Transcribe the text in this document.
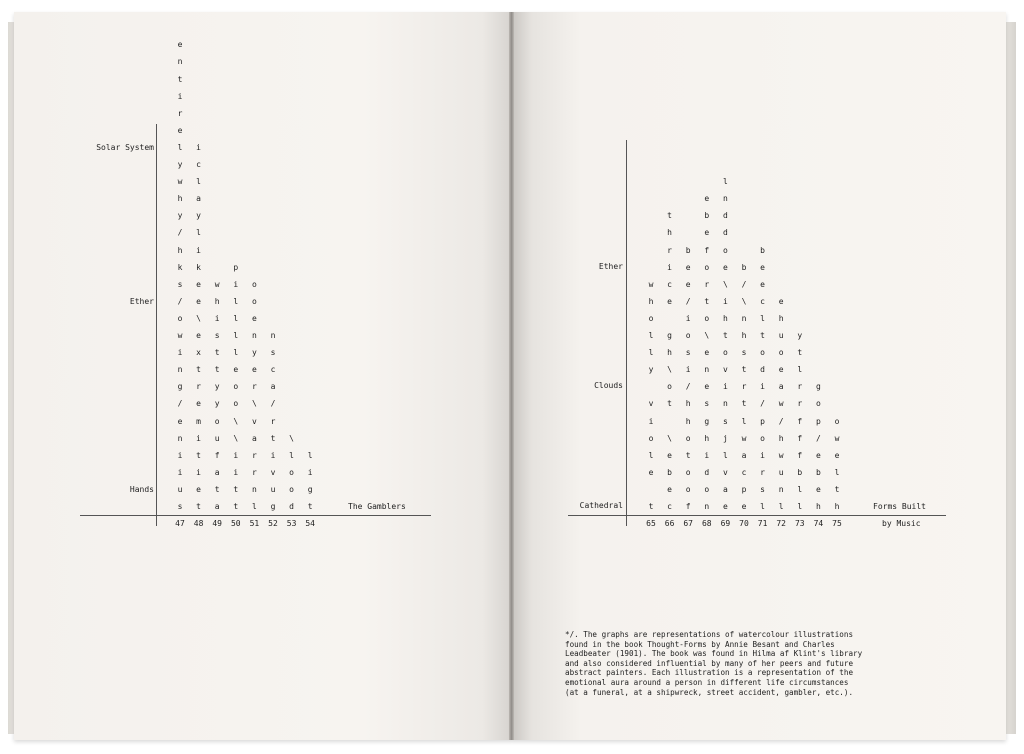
The Gamblers
e
n
t
i
r
e
l
y
w
h
y
/
h
k
s
/
o
w
i
n
g
/
e
n
i
i
u
s
47
i
c
l
a
y
l
i
k
e
e
\
e
x
t
r
e
m
i
t
i
e
t
48
w
h
i
s
t
t
y
y
o
u
f
a
t
a
49
p
i
l
l
l
l
e
o
o
\
\
i
i
t
t
50
o
o
e
n
y
e
r
\
v
a
r
r
n
l
51
n
s
c
a
/
r
t
i
v
u
g
52
\
l
o
o
d
53
l
i
g
t
54
Solar System
Ether
Hands
Forms Built
by Music
w
h
o
l
l
y
v
i
o
l
e
t
65
t
h
r
i
c
e
g
h
\
o
t
\
e
b
e
c
66
b
e
e
/
i
o
s
i
/
h
h
o
t
o
o
f
67
e
b
e
f
o
r
t
o
\
e
n
e
s
g
h
i
d
o
n
68
l
n
d
d
o
e
\
i
h
t
o
v
i
n
s
j
l
v
a
e
69
b
/
\
n
h
s
t
r
t
l
w
a
c
p
e
70
b
e
e
c
l
t
o
d
i
/
p
o
i
r
s
l
71
e
h
u
o
e
a
w
/
h
w
u
n
l
72
y
t
l
r
r
f
f
f
b
l
l
73
g
o
p
/
e
b
e
h
74
o
w
e
l
t
h
75
Ether
Clouds
Cathedral
*/. The graphs are representations of watercolour illustrations
found in the book Thought-Forms by Annie Besant and Charles
Leadbeater (1901). The book was found in Hilma af Klint's library
and also considered influential by many of her peers and future
abstract painters. Each illustration is a representation of the
emotional aura around a person in different life circumstances
(at a funeral, at a shipwreck, street accident, gambler, etc.).
